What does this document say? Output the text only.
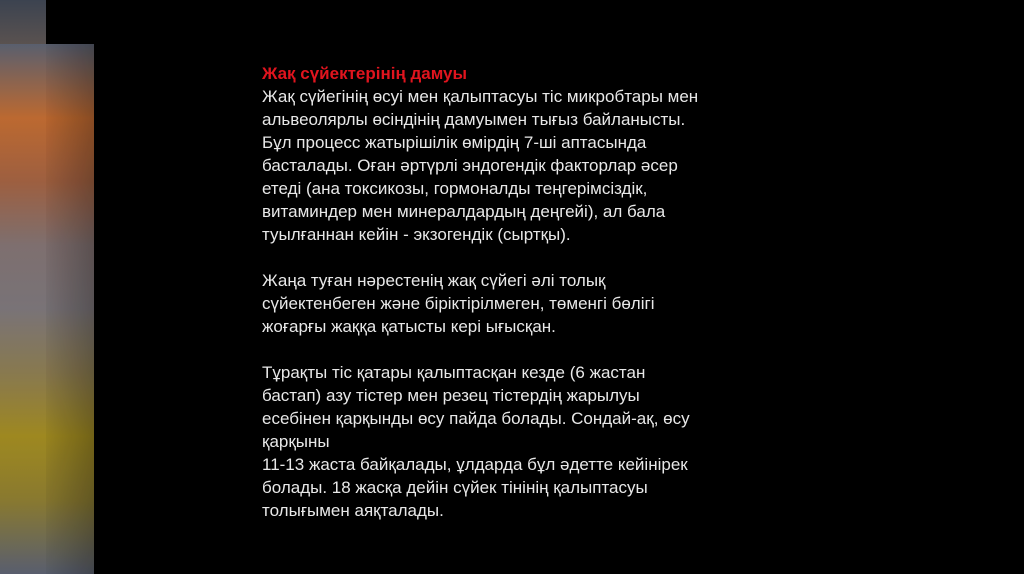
Жақ сүйектерінің дамуы

Жақ сүйегінің өсуі мен қалыптасуы тіс микробтары мен
альвеолярлы өсіндінің дамуымен тығыз байланысты.
Бұл процесс жатырішілік өмірдің 7-ші аптасында
басталады. Оған әртүрлі эндогендік факторлар әсер
етеді (ана токсикозы, гормоналды теңгерімсіздік,
витаминдер мен минералдардың деңгейі), ал бала
туылғаннан кейін - экзогендік (сыртқы).

Жаңа туған нәрестенің жақ сүйегі әлі толық
сүйектенбеген және біріктірілмеген, төменгі бөлігі
жоғарғы жаққа қатысты кері ығысқан.

Тұрақты тіс қатары қалыптасқан кезде (6 жастан
бастап) азу тістер мен резец тістердің жарылуы
есебінен қарқынды өсу пайда болады. Сондай-ақ, өсу
қарқыны
11-13 жаста байқалады, ұлдарда бұл әдетте кейінірек
болады. 18 жасқа дейін сүйек тінінің қалыптасуы
толығымен аяқталады.
